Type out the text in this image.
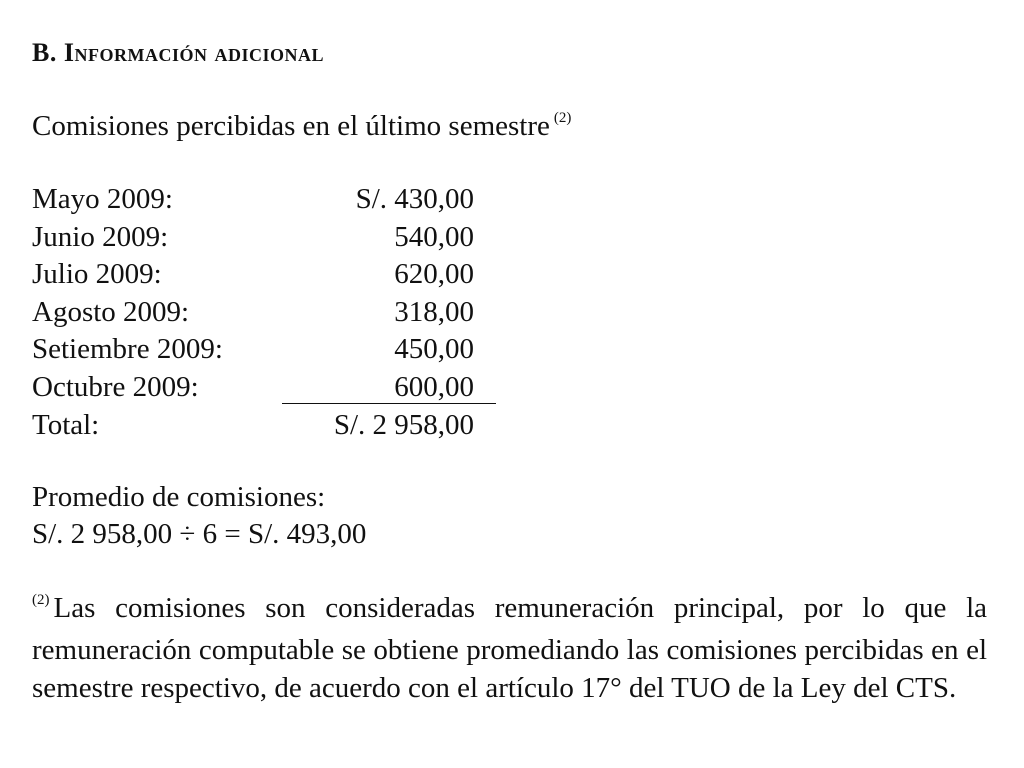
B. Información adicional
Comisiones percibidas en el último semestre $^{(2)}$
Mayo 2009:	S/. 430,00
Junio 2009:	540,00
Julio 2009:	620,00
Agosto 2009:	318,00
Setiembre 2009:	450,00
Octubre 2009:	600,00
Total:	S/. 2 958,00
Promedio de comisiones:
S/. 2 958,00 ÷ 6 = S/. 493,00
$^{(2)}$ Las comisiones son consideradas remuneración principal, por lo que la remuneración computable se obtiene promediando las comisiones percibidas en el semestre respectivo, de acuerdo con el artículo 17° del TUO de la Ley del CTS.
